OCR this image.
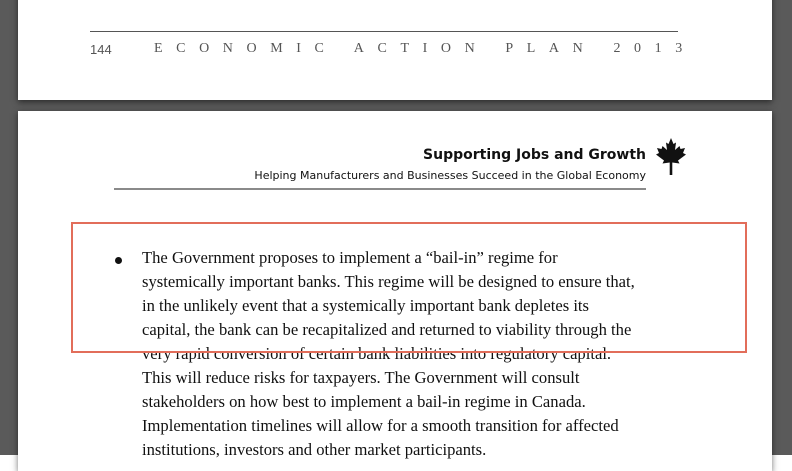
144	ECONOMIC ACTION PLAN 2013
Supporting Jobs and Growth
Helping Manufacturers and Businesses Succeed in the Global Economy
The Government proposes to implement a “bail-in” regime for
systemically important banks. This regime will be designed to ensure that,
in the unlikely event that a systemically important bank depletes its
capital, the bank can be recapitalized and returned to viability through the
very rapid conversion of certain bank liabilities into regulatory capital.
This will reduce risks for taxpayers. The Government will consult
stakeholders on how best to implement a bail-in regime in Canada.
Implementation timelines will allow for a smooth transition for affected
institutions, investors and other market participants.
